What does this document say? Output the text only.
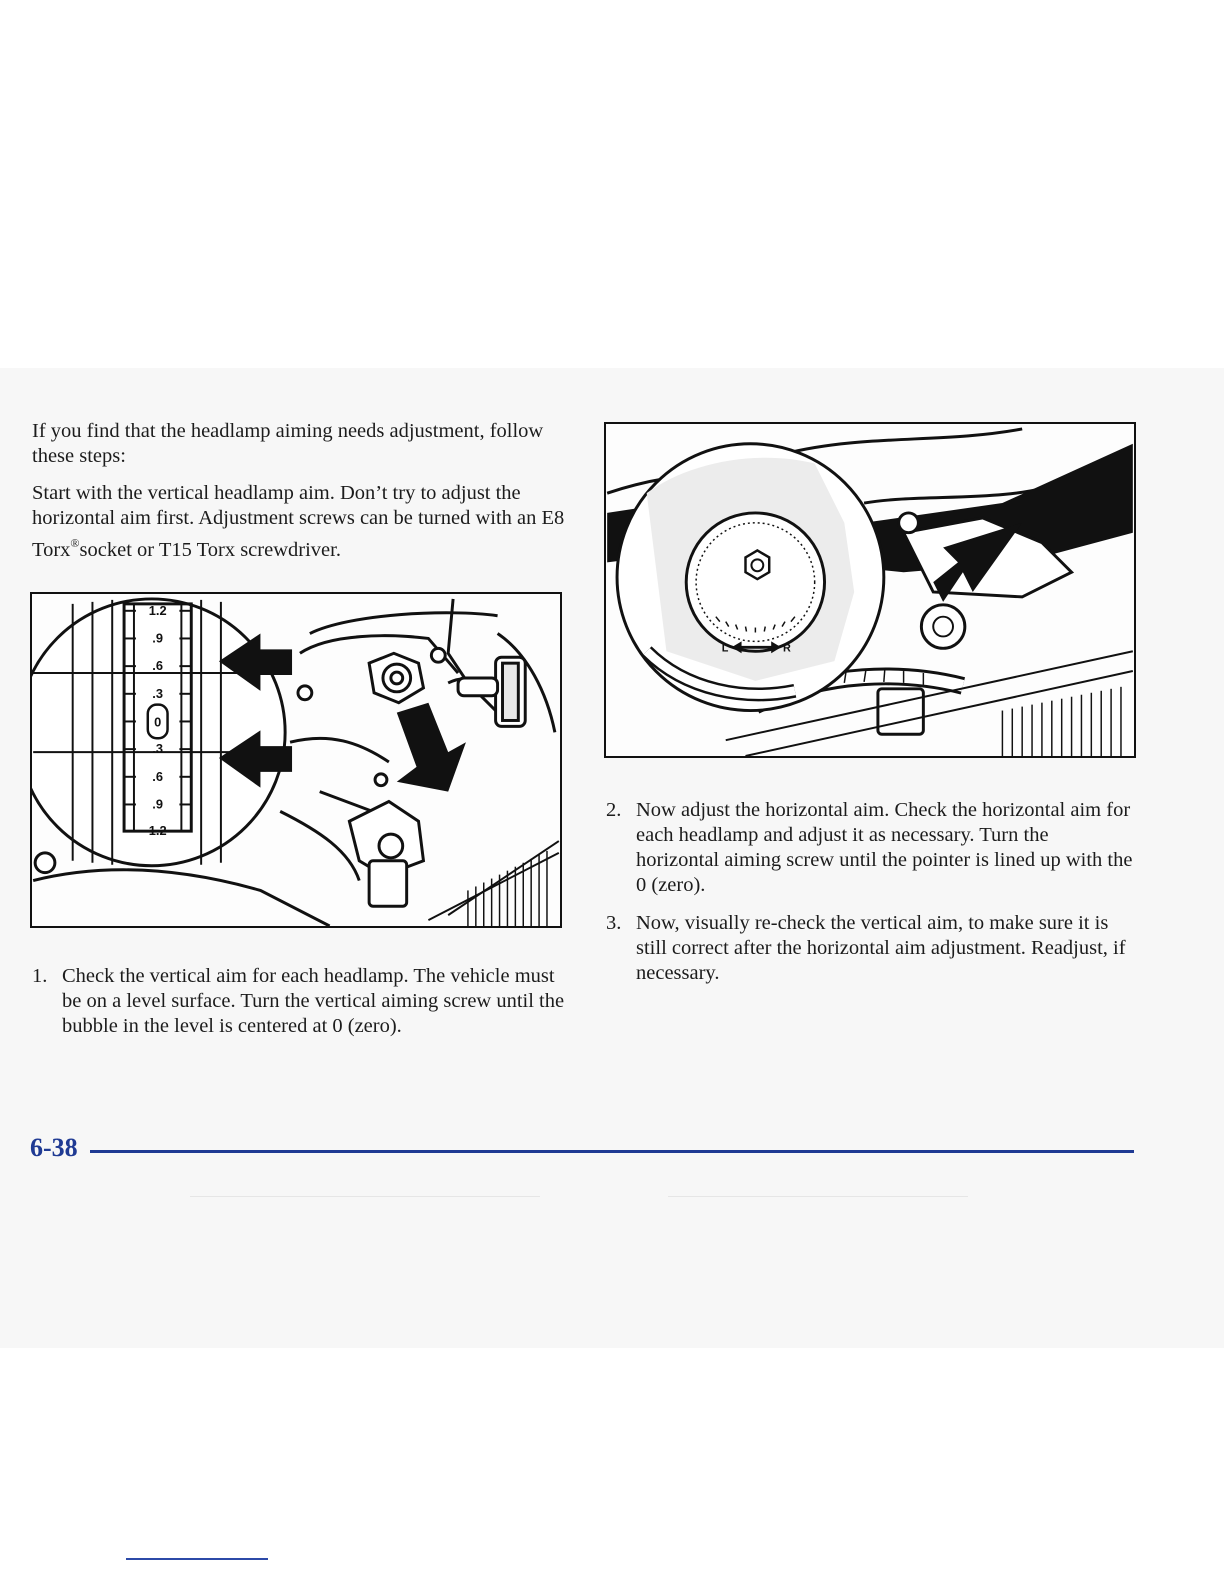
If you find that the headlamp aiming needs adjustment, follow these steps:

Start with the vertical headlamp aim. Don’t try to adjust the horizontal aim first. Adjustment screws can be turned with an E8 Torx®socket or T15 Torx screwdriver.

1.2
.9
.6
.3
0
.3
.6
.9
1.2
L	R
1. Check the vertical aim for each headlamp. The vehicle must be on a level surface. Turn the vertical aiming screw until the bubble in the level is centered at 0 (zero).
2. Now adjust the horizontal aim. Check the horizontal aim for each headlamp and adjust it as necessary. Turn the horizontal aiming screw until the pointer is lined up with the 0 (zero).
3. Now, visually re-check the vertical aim, to make sure it is still correct after the horizontal aim adjustment. Readjust, if necessary.
6-38
